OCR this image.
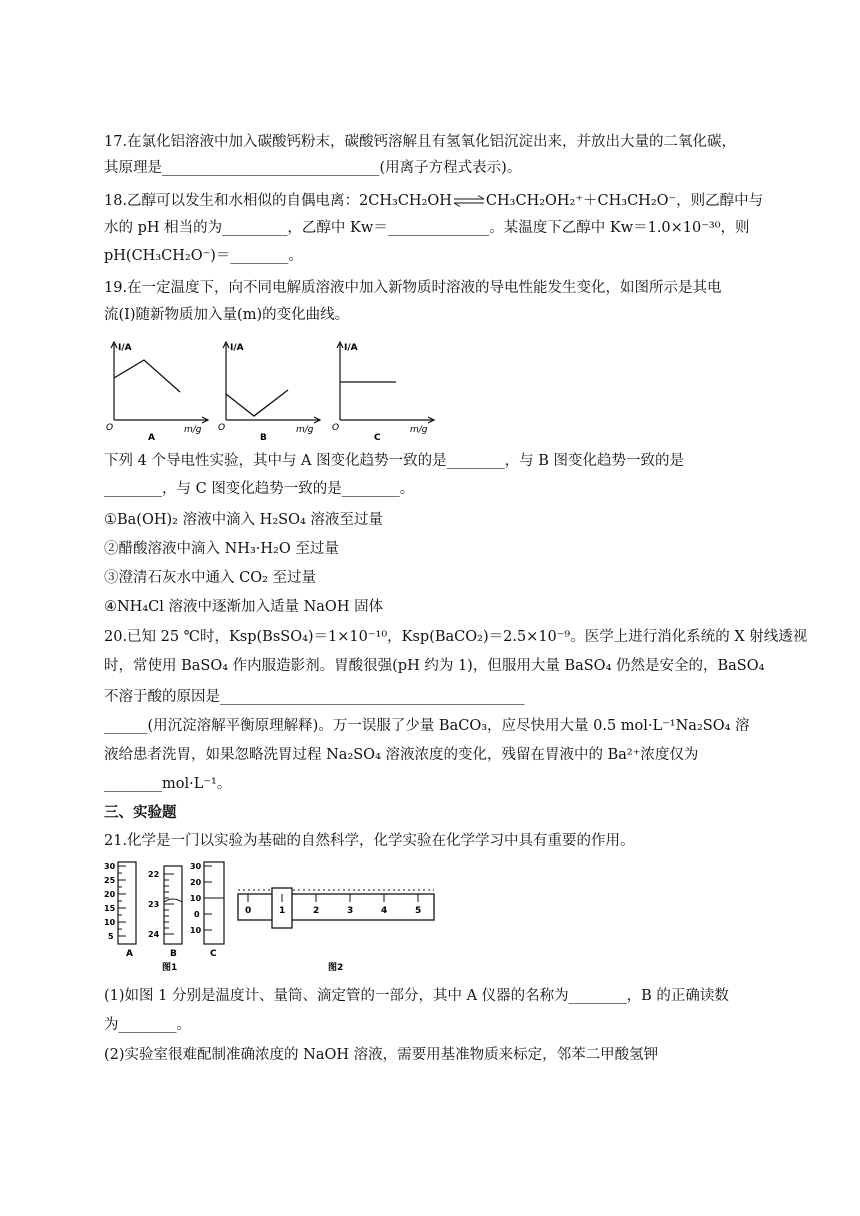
17.在氯化铝溶液中加入碳酸钙粉末，碳酸钙溶解且有氢氧化铝沉淀出来，并放出大量的二氧化碳，
其原理是______________________________(用离子方程式表示)。
18.乙醇可以发生和水相似的自偶电离：2CH₃CH₂OH⇌CH₃CH₂OH₂⁺＋CH₃CH₂O⁻，则乙醇中与
水的 pH 相当的为_________，乙醇中 Kw＝______________。某温度下乙醇中 Kw＝1.0×10⁻³⁰，则
pH(CH₃CH₂O⁻)＝________。
19.在一定温度下，向不同电解质溶液中加入新物质时溶液的导电性能发生变化，如图所示是其电
流(I)随新物质加入量(m)的变化曲线。
I/A
O	m/g
A
I/A
O	m/g
B
I/A
O	m/g
C
下列 4 个导电性实验，其中与 A 图变化趋势一致的是________，与 B 图变化趋势一致的是
________，与 C 图变化趋势一致的是________。
①Ba(OH)₂ 溶液中滴入 H₂SO₄ 溶液至过量
②醋酸溶液中滴入 NH₃·H₂O 至过量
③澄清石灰水中通入 CO₂ 至过量
④NH₄Cl 溶液中逐渐加入适量 NaOH 固体
20.已知 25 ℃时，Ksp(BsSO₄)＝1×10⁻¹⁰，Ksp(BaCO₂)＝2.5×10⁻⁹。医学上进行消化系统的 X 射线透视
时，常使用 BaSO₄ 作内服造影剂。胃酸很强(pH 约为 1)，但服用大量 BaSO₄ 仍然是安全的，BaSO₄
不溶于酸的原因是__________________________________________
______(用沉淀溶解平衡原理解释)。万一误服了少量 BaCO₃，应尽快用大量 0.5 mol·L⁻¹Na₂SO₄ 溶
液给患者洗胃，如果忽略洗胃过程 Na₂SO₄ 溶液浓度的变化，残留在胃液中的 Ba²⁺浓度仅为
________mol·L⁻¹。
三、实验题
21.化学是一门以实验为基础的自然科学，化学实验在化学学习中具有重要的作用。
30
25
20
15
10
5
A
22
23
24
B
30
20
10
0
10
C
图1
0	1	2	3	4	5
图2
(1)如图 1 分别是温度计、量筒、滴定管的一部分，其中 A 仪器的名称为________，B 的正确读数
为________。
(2)实验室很难配制准确浓度的 NaOH 溶液，需要用基准物质来标定，邻苯二甲酸氢钾
